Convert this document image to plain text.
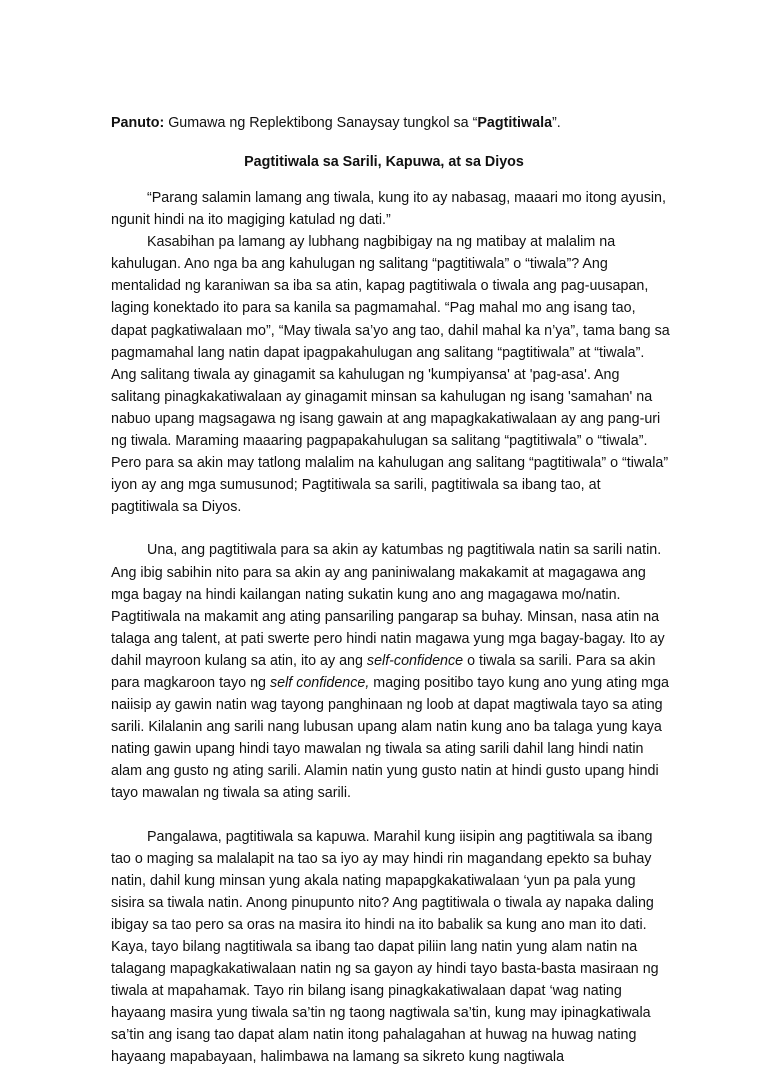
Panuto: Gumawa ng Replektibong Sanaysay tungkol sa “Pagtitiwala”.
Pagtitiwala sa Sarili, Kapuwa, at sa Diyos

“Parang salamin lamang ang tiwala, kung ito ay nabasag, maaari mo itong ayusin, ngunit hindi na ito magiging katulad ng dati.”

Kasabihan pa lamang ay lubhang nagbibigay na ng matibay at malalim na kahulugan. Ano nga ba ang kahulugan ng salitang “pagtitiwala” o “tiwala”? Ang mentalidad ng karaniwan sa iba sa atin, kapag pagtitiwala o tiwala ang pag-uusapan, laging konektado ito para sa kanila sa pagmamahal. “Pag mahal mo ang isang tao, dapat pagkatiwalaan mo”, “May tiwala sa’yo ang tao, dahil mahal ka n’ya”, tama bang sa pagmamahal lang natin dapat ipagpakahulugan ang salitang “pagtitiwala” at “tiwala”. Ang salitang tiwala ay ginagamit sa kahulugan ng 'kumpiyansa' at 'pag-asa'. Ang salitang pinagkakatiwalaan ay ginagamit minsan sa kahulugan ng isang 'samahan' na nabuo upang magsagawa ng isang gawain at ang mapagkakatiwalaan ay ang pang-uri ng tiwala. Maraming maaaring pagpapakahulugan sa salitang “pagtitiwala” o “tiwala”. Pero para sa akin may tatlong malalim na kahulugan ang salitang “pagtitiwala” o “tiwala” iyon ay ang mga sumusunod; Pagtitiwala sa sarili, pagtitiwala sa ibang tao, at pagtitiwala sa Diyos.

Una, ang pagtitiwala para sa akin ay katumbas ng pagtitiwala natin sa sarili natin. Ang ibig sabihin nito para sa akin ay ang paniniwalang makakamit at magagawa ang mga bagay na hindi kailangan nating sukatin kung ano ang magagawa mo/natin. Pagtitiwala na makamit ang ating pansariling pangarap sa buhay. Minsan, nasa atin na talaga ang talent, at pati swerte pero hindi natin magawa yung mga bagay-bagay. Ito ay dahil mayroon kulang sa atin, ito ay ang self-confidence o tiwala sa sarili. Para sa akin para magkaroon tayo ng self confidence, maging positibo tayo kung ano yung ating mga naiisip ay gawin natin wag tayong panghinaan ng loob at dapat magtiwala tayo sa ating sarili. Kilalanin ang sarili nang lubusan upang alam natin kung ano ba talaga yung kaya nating gawin upang hindi tayo mawalan ng tiwala sa ating sarili dahil lang hindi natin alam ang gusto ng ating sarili. Alamin natin yung gusto natin at hindi gusto upang hindi tayo mawalan ng tiwala sa ating sarili.

Pangalawa, pagtitiwala sa kapuwa. Marahil kung iisipin ang pagtitiwala sa ibang tao o maging sa malalapit na tao sa iyo ay may hindi rin magandang epekto sa buhay natin, dahil kung minsan yung akala nating mapapgkakatiwalaan ‘yun pa pala yung sisira sa tiwala natin. Anong pinupunto nito? Ang pagtitiwala o tiwala ay napaka daling ibigay sa tao pero sa oras na masira ito hindi na ito babalik sa kung ano man ito dati. Kaya, tayo bilang nagtitiwala sa ibang tao dapat piliin lang natin yung alam natin na talagang mapagkakatiwalaan natin ng sa gayon ay hindi tayo basta-basta masiraan ng tiwala at mapahamak. Tayo rin bilang isang pinagkakatiwalaan dapat ‘wag nating hayaang masira yung tiwala sa’tin ng taong nagtiwala sa’tin, kung may ipinagkatiwala sa’tin ang isang tao dapat alam natin itong pahalagahan at huwag na huwag nating hayaang mapabayaan, halimbawa na lamang sa sikreto kung nagtiwala
